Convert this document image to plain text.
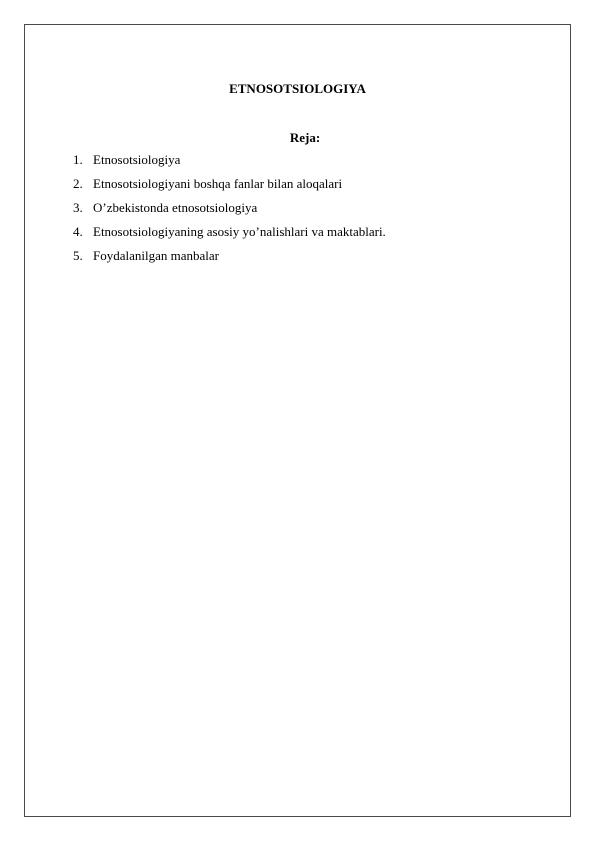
ETNOSOTSIOLOGIYA
Reja:
1. Etnosotsiologiya
2. Etnosotsiologiyani boshqa fanlar bilan aloqalari
3. O’zbekistonda etnosotsiologiya
4. Etnosotsiologiyaning asosiy yo’nalishlari va maktablari.
5. Foydalanilgan manbalar
